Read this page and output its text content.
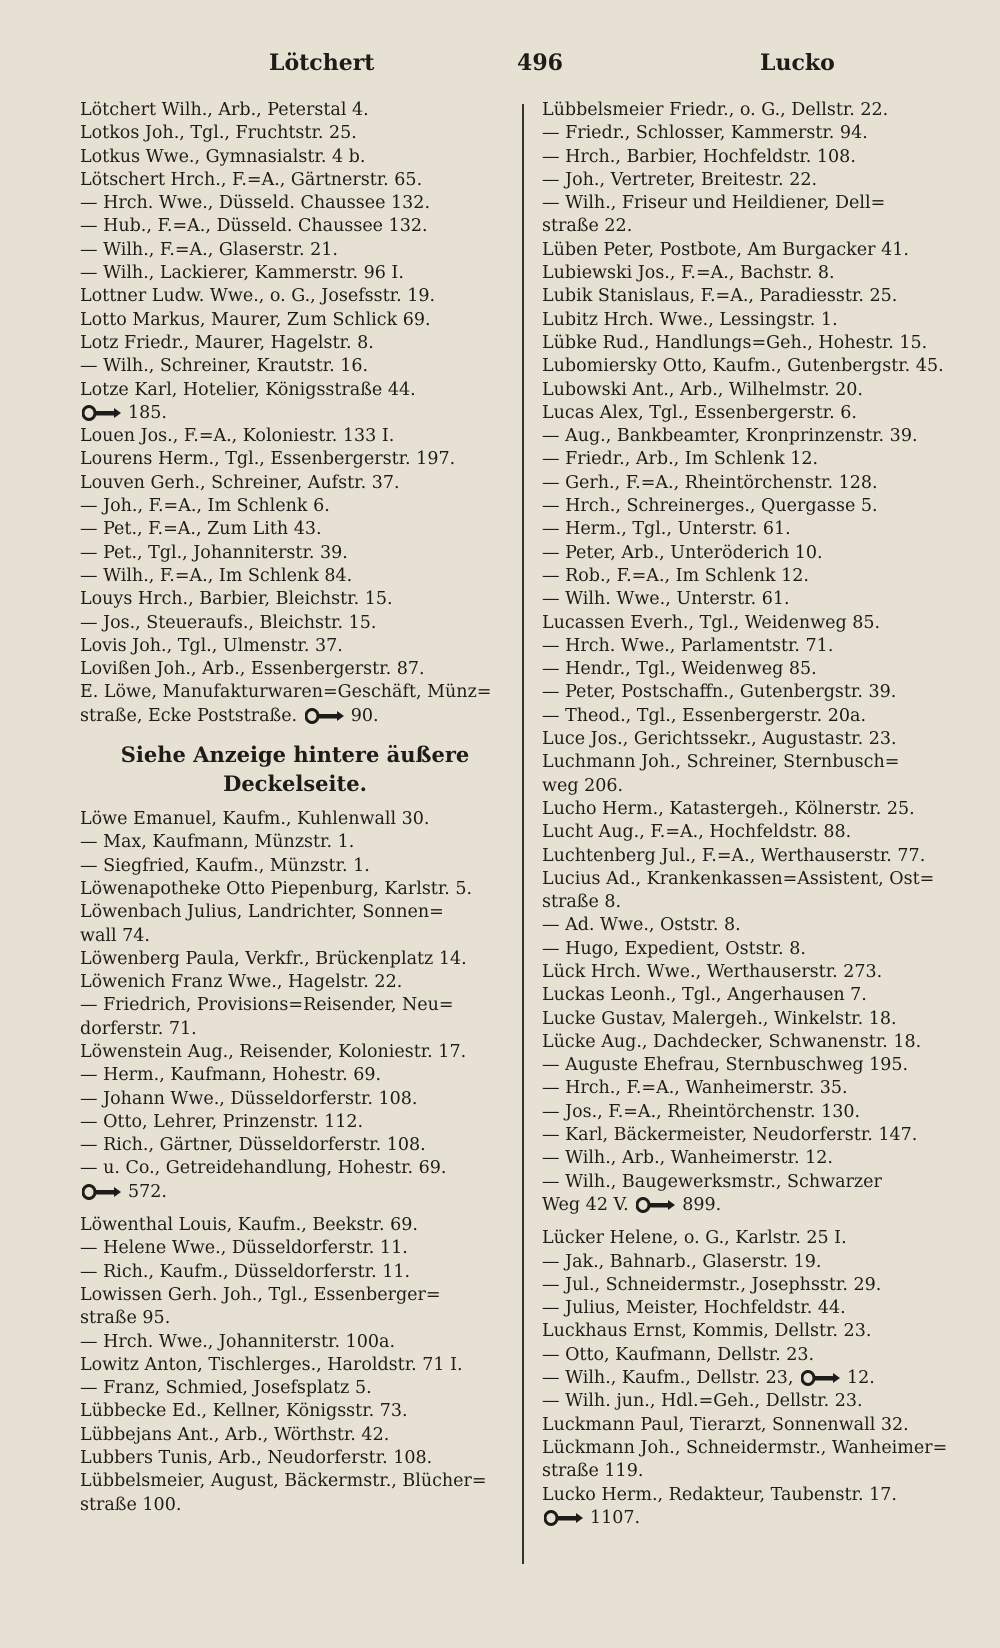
Lötchert	496	Lucko
Lötchert Wilh., Arb., Peterstal 4.
Lotkos Joh., Tgl., Fruchtstr. 25.
Lotkus Wwe., Gymnasialstr. 4 b.
Lötschert Hrch., F.=A., Gärtnerstr. 65.
— Hrch. Wwe., Düsseld. Chaussee 132.
— Hub., F.=A., Düsseld. Chaussee 132.
— Wilh., F.=A., Glaserstr. 21.
— Wilh., Lackierer, Kammerstr. 96 I.
Lottner Ludw. Wwe., o. G., Josefsstr. 19.
Lotto Markus, Maurer, Zum Schlick 69.
Lotz Friedr., Maurer, Hagelstr. 8.
— Wilh., Schreiner, Krautstr. 16.
Lotze Karl, Hotelier, Königsstraße 44.
185.
Louen Jos., F.=A., Koloniestr. 133 I.
Lourens Herm., Tgl., Essenbergerstr. 197.
Louven Gerh., Schreiner, Aufstr. 37.
— Joh., F.=A., Im Schlenk 6.
— Pet., F.=A., Zum Lith 43.
— Pet., Tgl., Johanniterstr. 39.
— Wilh., F.=A., Im Schlenk 84.
Louys Hrch., Barbier, Bleichstr. 15.
— Jos., Steueraufs., Bleichstr. 15.
Lovis Joh., Tgl., Ulmenstr. 37.
Lovißen Joh., Arb., Essenbergerstr. 87.
E. Löwe, Manufakturwaren=Geschäft, Münz=
straße, Ecke Poststraße.	90.
Siehe Anzeige hintere äußere
Deckelseite.
Löwe Emanuel, Kaufm., Kuhlenwall 30.
— Max, Kaufmann, Münzstr. 1.
— Siegfried, Kaufm., Münzstr. 1.
Löwenapotheke Otto Piepenburg, Karlstr. 5.
Löwenbach Julius, Landrichter, Sonnen=
wall 74.
Löwenberg Paula, Verkfr., Brückenplatz 14.
Löwenich Franz Wwe., Hagelstr. 22.
— Friedrich, Provisions=Reisender, Neu=
dorferstr. 71.
Löwenstein Aug., Reisender, Koloniestr. 17.
— Herm., Kaufmann, Hohestr. 69.
— Johann Wwe., Düsseldorferstr. 108.
— Otto, Lehrer, Prinzenstr. 112.
— Rich., Gärtner, Düsseldorferstr. 108.
— u. Co., Getreidehandlung, Hohestr. 69.
572.
Löwenthal Louis, Kaufm., Beekstr. 69.
— Helene Wwe., Düsseldorferstr. 11.
— Rich., Kaufm., Düsseldorferstr. 11.
Lowissen Gerh. Joh., Tgl., Essenberger=
straße 95.
— Hrch. Wwe., Johanniterstr. 100a.
Lowitz Anton, Tischlerges., Haroldstr. 71 I.
— Franz, Schmied, Josefsplatz 5.
Lübbecke Ed., Kellner, Königsstr. 73.
Lübbejans Ant., Arb., Wörthstr. 42.
Lubbers Tunis, Arb., Neudorferstr. 108.
Lübbelsmeier, August, Bäckermstr., Blücher=
straße 100.
Lübbelsmeier Friedr., o. G., Dellstr. 22.
— Friedr., Schlosser, Kammerstr. 94.
— Hrch., Barbier, Hochfeldstr. 108.
— Joh., Vertreter, Breitestr. 22.
— Wilh., Friseur und Heildiener, Dell=
straße 22.
Lüben Peter, Postbote, Am Burgacker 41.
Lubiewski Jos., F.=A., Bachstr. 8.
Lubik Stanislaus, F.=A., Paradiesstr. 25.
Lubitz Hrch. Wwe., Lessingstr. 1.
Lübke Rud., Handlungs=Geh., Hohestr. 15.
Lubomiersky Otto, Kaufm., Gutenbergstr. 45.
Lubowski Ant., Arb., Wilhelmstr. 20.
Lucas Alex, Tgl., Essenbergerstr. 6.
— Aug., Bankbeamter, Kronprinzenstr. 39.
— Friedr., Arb., Im Schlenk 12.
— Gerh., F.=A., Rheintörchenstr. 128.
— Hrch., Schreinerges., Quergasse 5.
— Herm., Tgl., Unterstr. 61.
— Peter, Arb., Unteröderich 10.
— Rob., F.=A., Im Schlenk 12.
— Wilh. Wwe., Unterstr. 61.
Lucassen Everh., Tgl., Weidenweg 85.
— Hrch. Wwe., Parlamentstr. 71.
— Hendr., Tgl., Weidenweg 85.
— Peter, Postschaffn., Gutenbergstr. 39.
— Theod., Tgl., Essenbergerstr. 20a.
Luce Jos., Gerichtssekr., Augustastr. 23.
Luchmann Joh., Schreiner, Sternbusch=
weg 206.
Lucho Herm., Katastergeh., Kölnerstr. 25.
Lucht Aug., F.=A., Hochfeldstr. 88.
Luchtenberg Jul., F.=A., Werthauserstr. 77.
Lucius Ad., Krankenkassen=Assistent, Ost=
straße 8.
— Ad. Wwe., Oststr. 8.
— Hugo, Expedient, Oststr. 8.
Lück Hrch. Wwe., Werthauserstr. 273.
Luckas Leonh., Tgl., Angerhausen 7.
Lucke Gustav, Malergeh., Winkelstr. 18.
Lücke Aug., Dachdecker, Schwanenstr. 18.
— Auguste Ehefrau, Sternbuschweg 195.
— Hrch., F.=A., Wanheimerstr. 35.
— Jos., F.=A., Rheintörchenstr. 130.
— Karl, Bäckermeister, Neudorferstr. 147.
— Wilh., Arb., Wanheimerstr. 12.
— Wilh., Baugewerksmstr., Schwarzer
Weg 42 V.	899.
Lücker Helene, o. G., Karlstr. 25 I.
— Jak., Bahnarb., Glaserstr. 19.
— Jul., Schneidermstr., Josephsstr. 29.
— Julius, Meister, Hochfeldstr. 44.
Luckhaus Ernst, Kommis, Dellstr. 23.
— Otto, Kaufmann, Dellstr. 23.
— Wilh., Kaufm., Dellstr. 23,	12.
— Wilh. jun., Hdl.=Geh., Dellstr. 23.
Luckmann Paul, Tierarzt, Sonnenwall 32.
Lückmann Joh., Schneidermstr., Wanheimer=
straße 119.
Lucko Herm., Redakteur, Taubenstr. 17.
1107.
